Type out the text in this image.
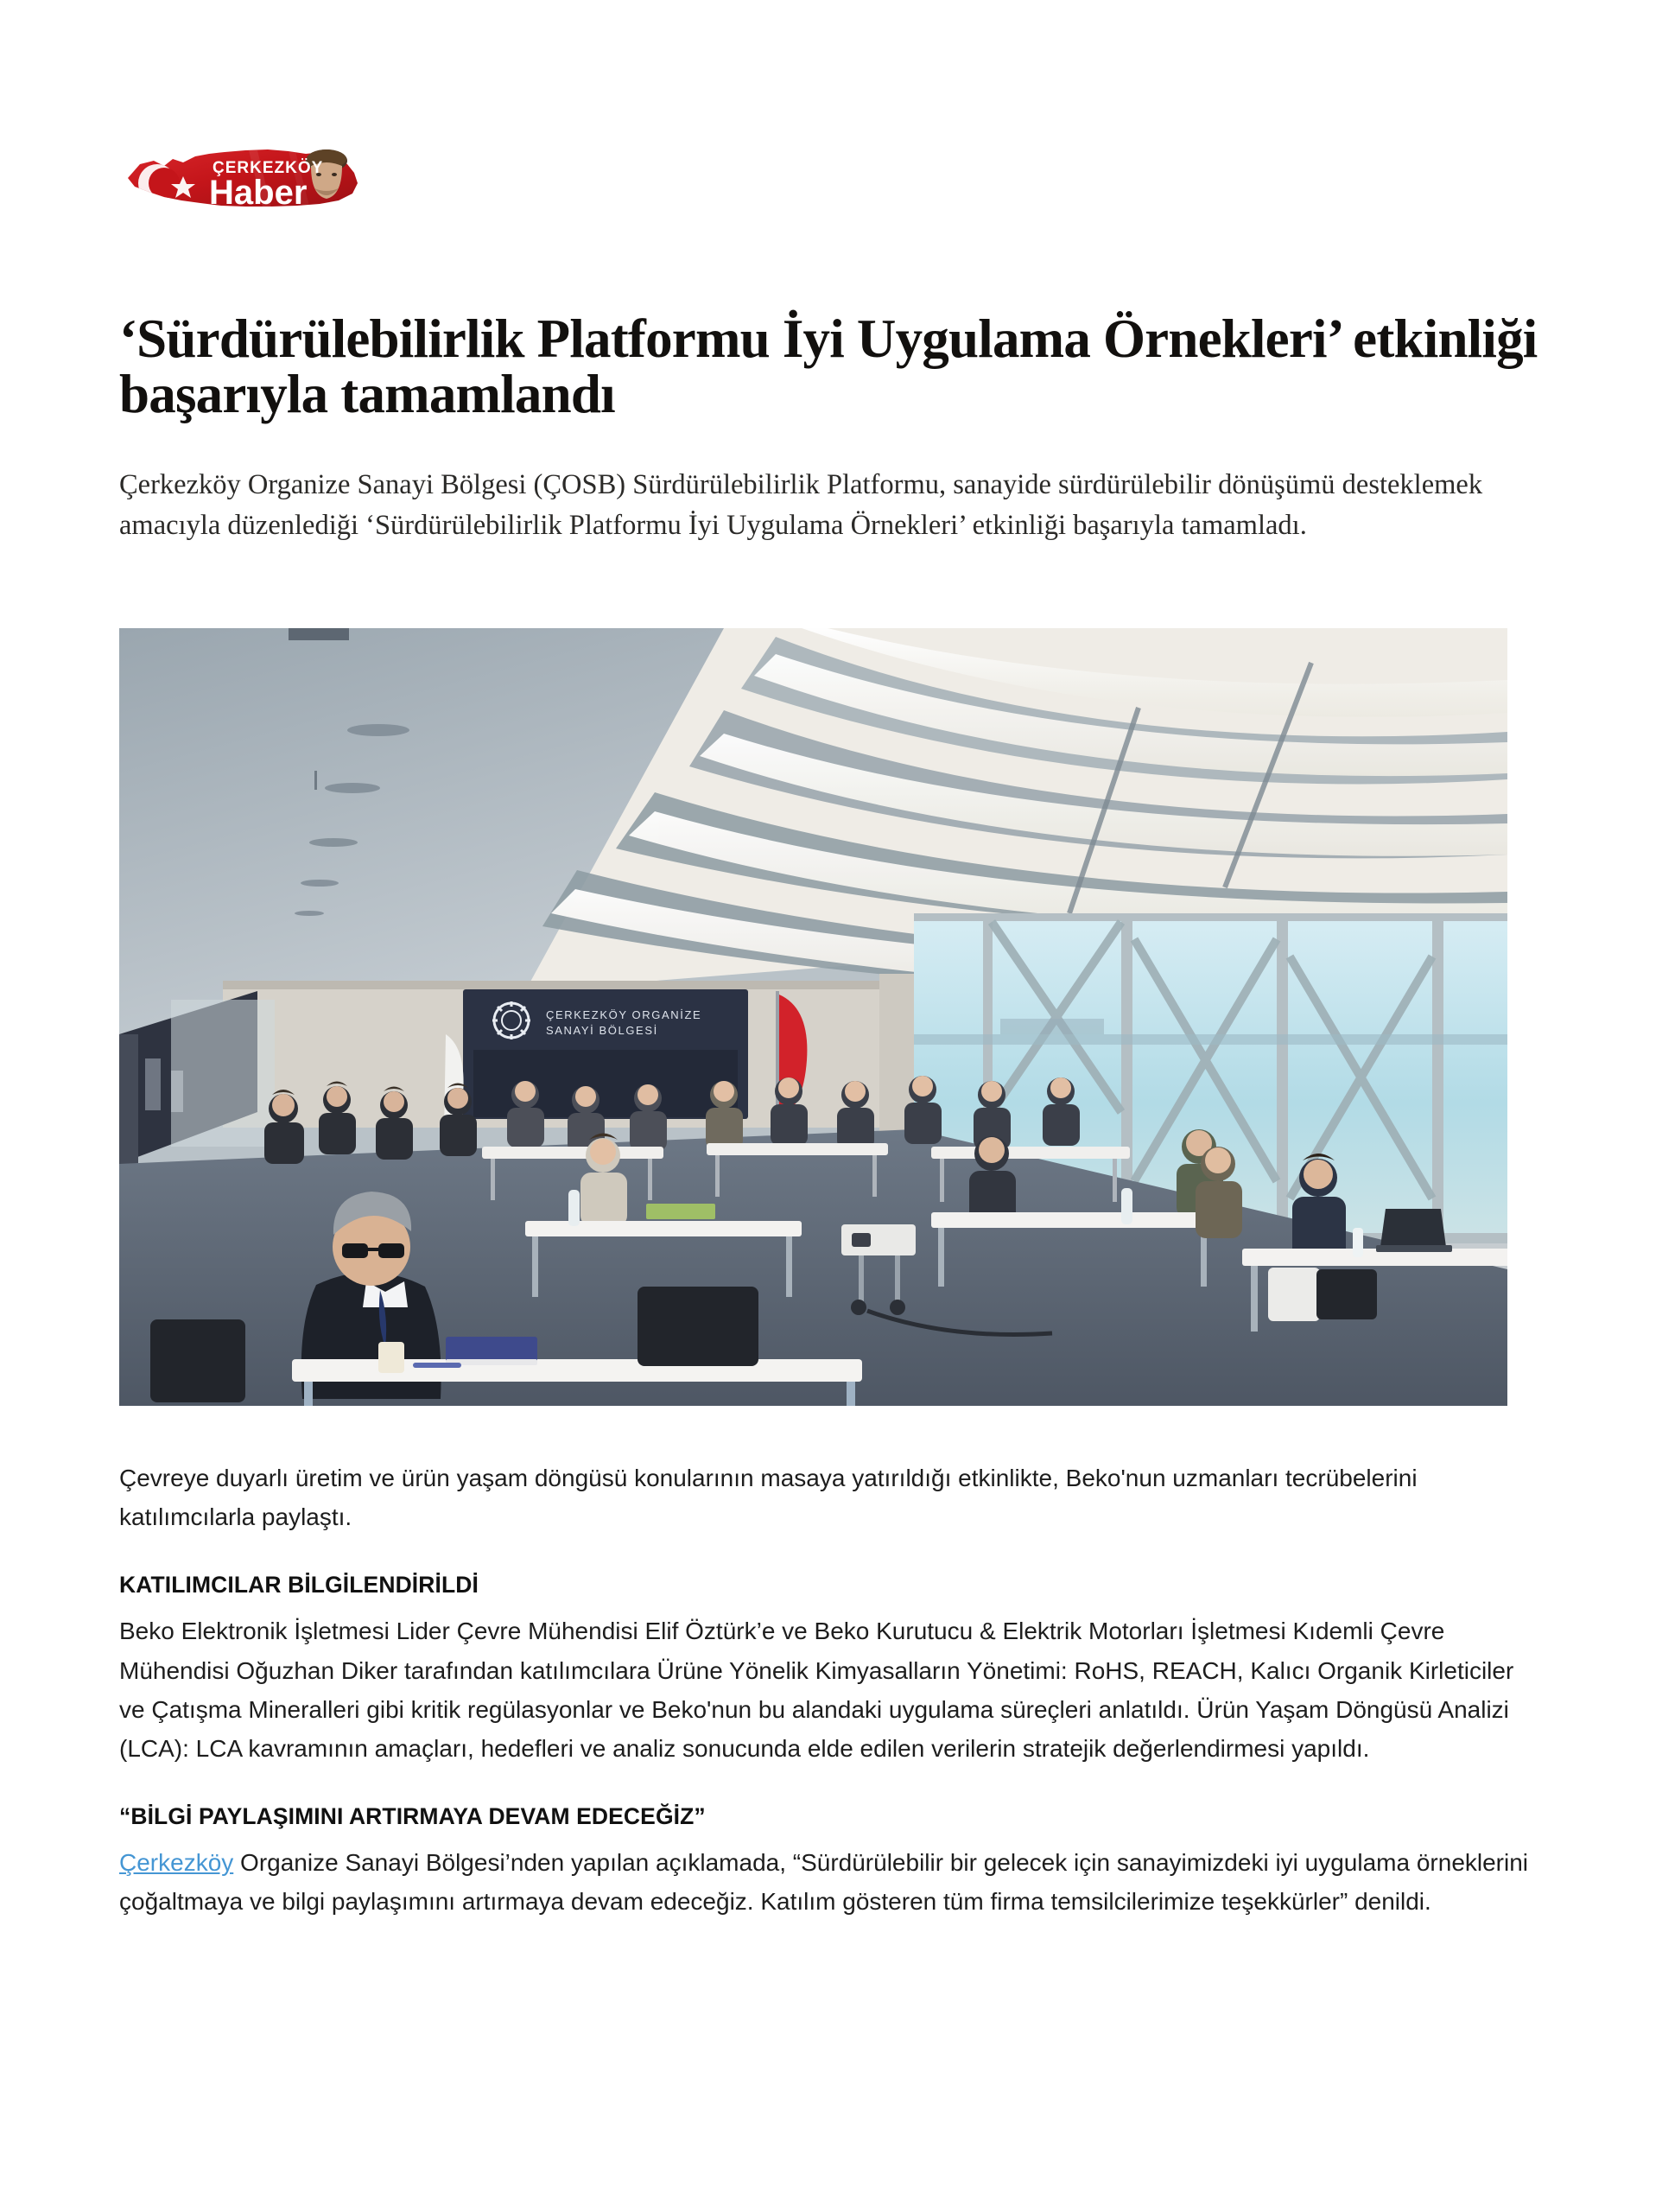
ÇERKEZKÖY
Haber
‘Sürdürülebilirlik Platformu İyi Uygulama Örnekleri’ etkinliği başarıyla tamamlandı

Çerkezköy Organize Sanayi Bölgesi (ÇOSB) Sürdürülebilirlik Platformu, sanayide sürdürülebilir dönüşümü desteklemek amacıyla düzenlediği ‘Sürdürülebilirlik Platformu İyi Uygulama Örnekleri’ etkinliği başarıyla tamamladı.

ÇERKEZKÖY ORGANİZE
SANAYİ BÖLGESİ

Çevreye duyarlı üretim ve ürün yaşam döngüsü konularının masaya yatırıldığı etkinlikte, Beko'nun uzmanları tecrübelerini katılımcılarla paylaştı.

KATILIMCILAR BİLGİLENDİRİLDİ

Beko Elektronik İşletmesi Lider Çevre Mühendisi Elif Öztürk’e ve Beko Kurutucu & Elektrik Motorları İşletmesi Kıdemli Çevre Mühendisi Oğuzhan Diker tarafından katılımcılara Ürüne Yönelik Kimyasalların Yönetimi: RoHS, REACH, Kalıcı Organik Kirleticiler ve Çatışma Mineralleri gibi kritik regülasyonlar ve Beko'nun bu alandaki uygulama süreçleri anlatıldı. Ürün Yaşam Döngüsü Analizi (LCA): LCA kavramının amaçları, hedefleri ve analiz sonucunda elde edilen verilerin stratejik değerlendirmesi yapıldı.

“BİLGİ PAYLAŞIMINI ARTIRMAYA DEVAM EDECEĞİZ”

Çerkezköy Organize Sanayi Bölgesi’nden yapılan açıklamada, “Sürdürülebilir bir gelecek için sanayimizdeki iyi uygulama örneklerini çoğaltmaya ve bilgi paylaşımını artırmaya devam edeceğiz. Katılım gösteren tüm firma temsilcilerimize teşekkürler” denildi.
